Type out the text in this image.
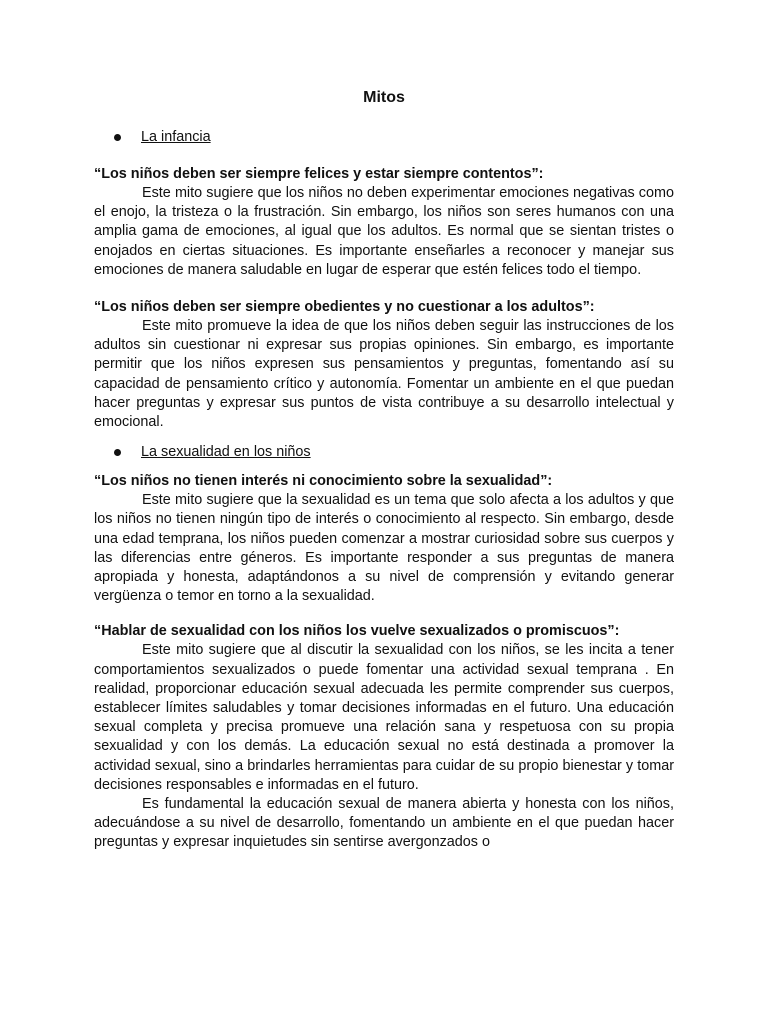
Mitos

La infancia

“Los niños deben ser siempre felices y estar siempre contentos”:

Este mito sugiere que los niños no deben experimentar emociones negativas como el enojo, la tristeza o la frustración. Sin embargo, los niños son seres humanos con una amplia gama de emociones, al igual que los adultos. Es normal que se sientan tristes o enojados en ciertas situaciones. Es importante enseñarles a reconocer y manejar sus emociones de manera saludable en lugar de esperar que estén felices todo el tiempo.

“Los niños deben ser siempre obedientes y no cuestionar a los adultos”:

Este mito promueve la idea de que los niños deben seguir las instrucciones de los adultos sin cuestionar ni expresar sus propias opiniones. Sin embargo, es importante permitir que los niños expresen sus pensamientos y preguntas, fomentando así su capacidad de pensamiento crítico y autonomía. Fomentar un ambiente en el que puedan hacer preguntas y expresar sus puntos de vista contribuye a su desarrollo intelectual y emocional.

La sexualidad en los niños

“Los niños no tienen interés ni conocimiento sobre la sexualidad”:

Este mito sugiere que la sexualidad es un tema que solo afecta a los adultos y que los niños no tienen ningún tipo de interés o conocimiento al respecto. Sin embargo, desde una edad temprana, los niños pueden comenzar a mostrar curiosidad sobre sus cuerpos y las diferencias entre géneros. Es importante responder a sus preguntas de manera apropiada y honesta, adaptándonos a su nivel de comprensión y evitando generar vergüenza o temor en torno a la sexualidad.

“Hablar de sexualidad con los niños los vuelve sexualizados o promiscuos”:

Este mito sugiere que al discutir la sexualidad con los niños, se les incita a tener comportamientos sexualizados o puede fomentar una actividad sexual temprana . En realidad, proporcionar educación sexual adecuada les permite comprender sus cuerpos, establecer límites saludables y tomar decisiones informadas en el futuro. Una educación sexual completa y precisa promueve una relación sana y respetuosa con su propia sexualidad y con los demás. La educación sexual no está destinada a promover la actividad sexual, sino a brindarles herramientas para cuidar de su propio bienestar y tomar decisiones responsables e informadas en el futuro.

Es fundamental la educación sexual de manera abierta y honesta con los niños, adecuándose a su nivel de desarrollo, fomentando un ambiente en el que puedan hacer preguntas y expresar inquietudes sin sentirse avergonzados o
